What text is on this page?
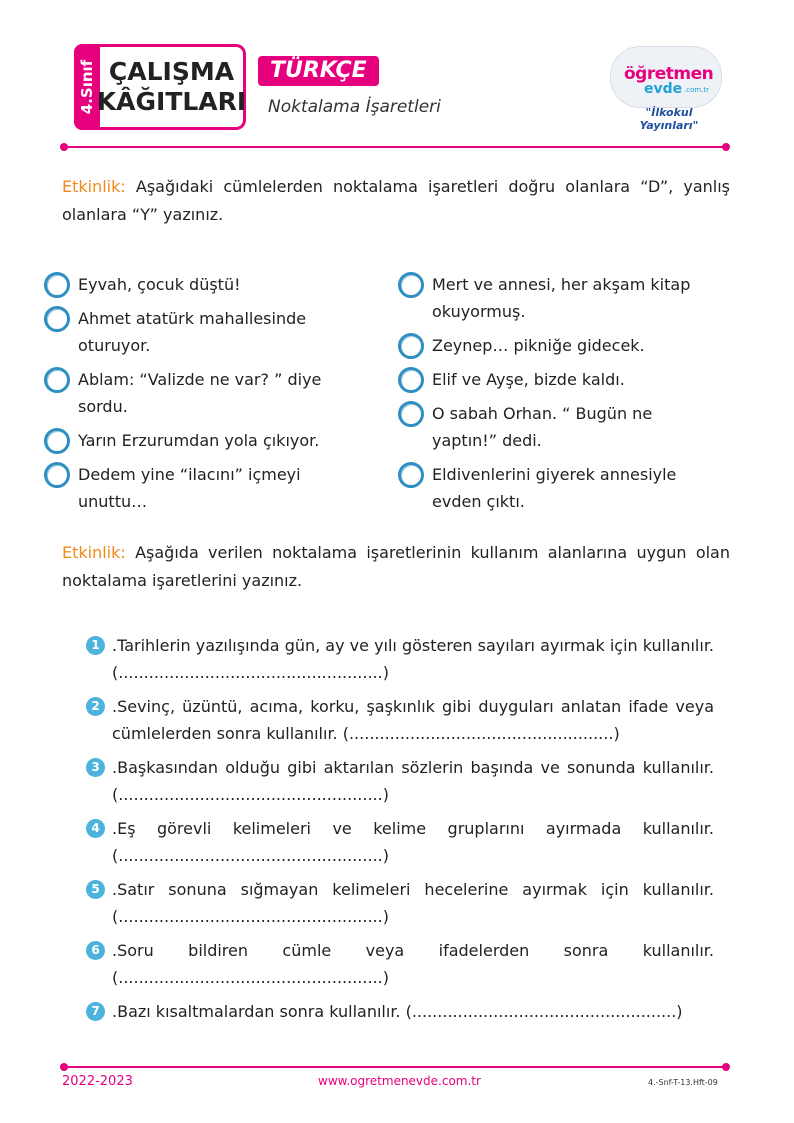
4.Sınıf ÇALIŞMA
KÂĞITLARI
TÜRKÇE
Noktalama İşaretleri
öğretmen
evde .com.tr
"İlkokul Yayınları"
Etkinlik: Aşağıdaki cümlelerden noktalama işaretleri doğru olanlara “D”, yanlış olanlara “Y” yazınız.
Eyvah, çocuk düştü!
Ahmet atatürk mahallesinde oturuyor.
Ablam: “Valizde ne var? ” diye sordu.
Yarın Erzurumdan yola çıkıyor.
Dedem yine “ilacını” içmeyi unuttu…
Mert ve annesi, her akşam kitap okuyormuş.
Zeynep… pikniğe gidecek.
Elif ve Ayşe, bizde kaldı.
O sabah Orhan. “ Bugün ne yaptın!” dedi.
Eldivenlerini giyerek annesiyle evden çıktı.
Etkinlik: Aşağıda verilen noktalama işaretlerinin kullanım alanlarına uygun olan noktalama işaretlerini yazınız.
1 .Tarihlerin yazılışında gün, ay ve yılı gösteren sayıları ayırmak için kullanılır. (....................................................)
2 .Sevinç, üzüntü, acıma, korku, şaşkınlık gibi duyguları anlatan ifade veya cümlelerden sonra kullanılır. (....................................................)
3 .Başkasından olduğu gibi aktarılan sözlerin başında ve sonunda kullanılır. (....................................................)
4 .Eş görevli kelimeleri ve kelime gruplarını ayırmada kullanılır. (....................................................)
5 .Satır sonuna sığmayan kelimeleri hecelerine ayırmak için kullanılır. (....................................................)
6 .Soru bildiren cümle veya ifadelerden sonra kullanılır. (....................................................)
7 .Bazı kısaltmalardan sonra kullanılır. (....................................................)
2022-2023	www.ogretmenevde.com.tr	4.-Snf-T-13.Hft-09
